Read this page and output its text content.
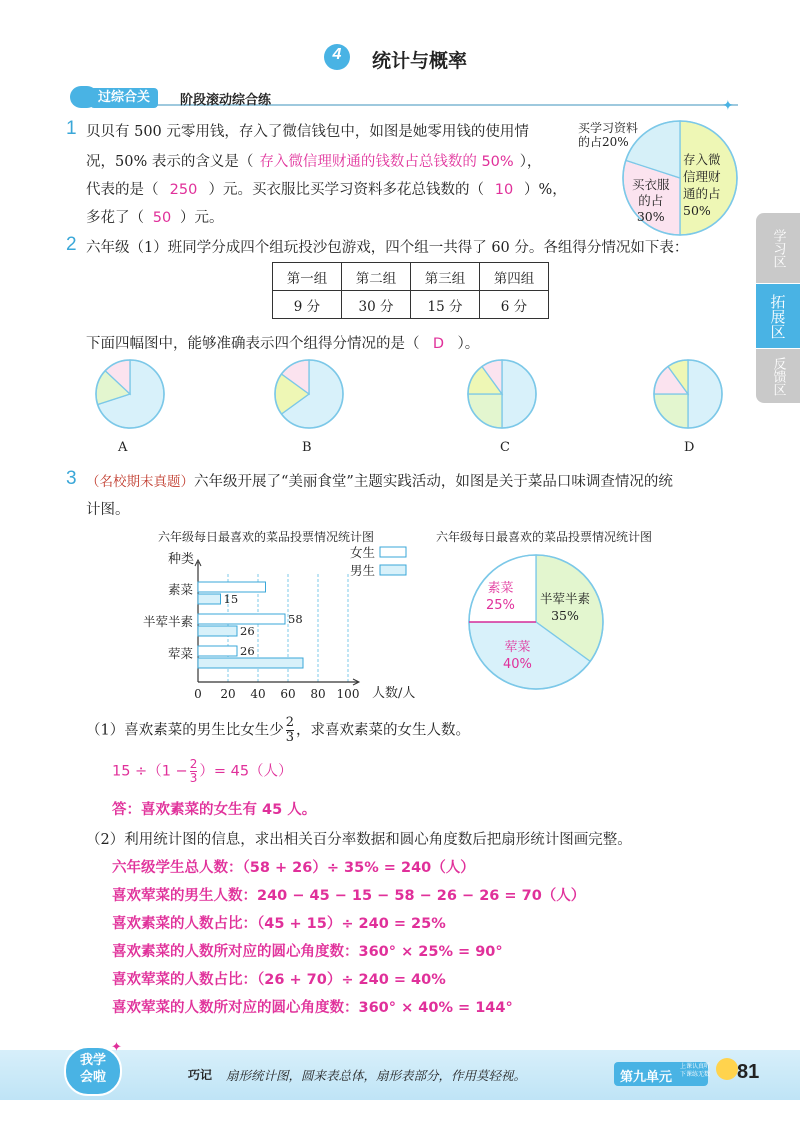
4	统计与概率
✦
过综合关	阶段滚动综合练
学习区
拓展区
反馈区
1 贝贝有 500 元零用钱，存入了微信钱包中，如图是她零用钱的使用情
况，50% 表示的含义是（ 存入微信理财通的钱数占总钱数的 50% ），
代表的是（ 250 ）元。买衣服比买学习资料多花总钱数的（ 10 ）%，
多花了（ 50 ）元。
买学习资料
的占20%
存入微
信理财
通的占
50%
买衣服
的占
30%
2 六年级（1）班同学分成四个组玩投沙包游戏，四个组一共得了 60 分。各组得分情况如下表：
第一组	第二组	第三组	第四组
9 分	30 分	15 分	6 分
下面四幅图中，能够准确表示四个组得分情况的是（ D ）。
A	B	C	D
3 （名校期末真题）六年级开展了“美丽食堂”主题实践活动，如图是关于菜品口味调查情况的统
计图。
六年级每日最喜欢的菜品投票情况统计图
0 20 40 60 80 100
素菜
15
半荤半素	58
26
荤菜	26
种类
人数/人
女生
男生
六年级每日最喜欢的菜品投票情况统计图
素菜
25% 半荤半素
35%
荤菜
40%
（1）喜欢素菜的男生比女生少 $\frac{2}{3}$ ，求喜欢素菜的女生人数。
$15 \div(1 - \frac{2}{3}$ ）= 45（人）
答：喜欢素菜的女生有 45 人。
（2）利用统计图的信息，求出相关百分率数据和圆心角度数后把扇形统计图画完整。
六年级学生总人数：（58 + 26）÷ 35% = 240（人）
喜欢荤菜的男生人数：240 − 45 − 15 − 58 − 26 − 26 = 70（人）
喜欢素菜的人数占比：（45 + 15）÷ 240 = 25%
喜欢素菜的人数所对应的圆心角度数：360° × 25% = 90°
喜欢荤菜的人数占比：（26 + 70）÷ 240 = 40%
喜欢荤菜的人数所对应的圆心角度数：360° × 40% = 144°
我学
会啦
✦
巧记 扇形统计图，圆来表总体，扇形表部分，作用莫轻视。	第九单元
上课认真听
下课练无数 81
